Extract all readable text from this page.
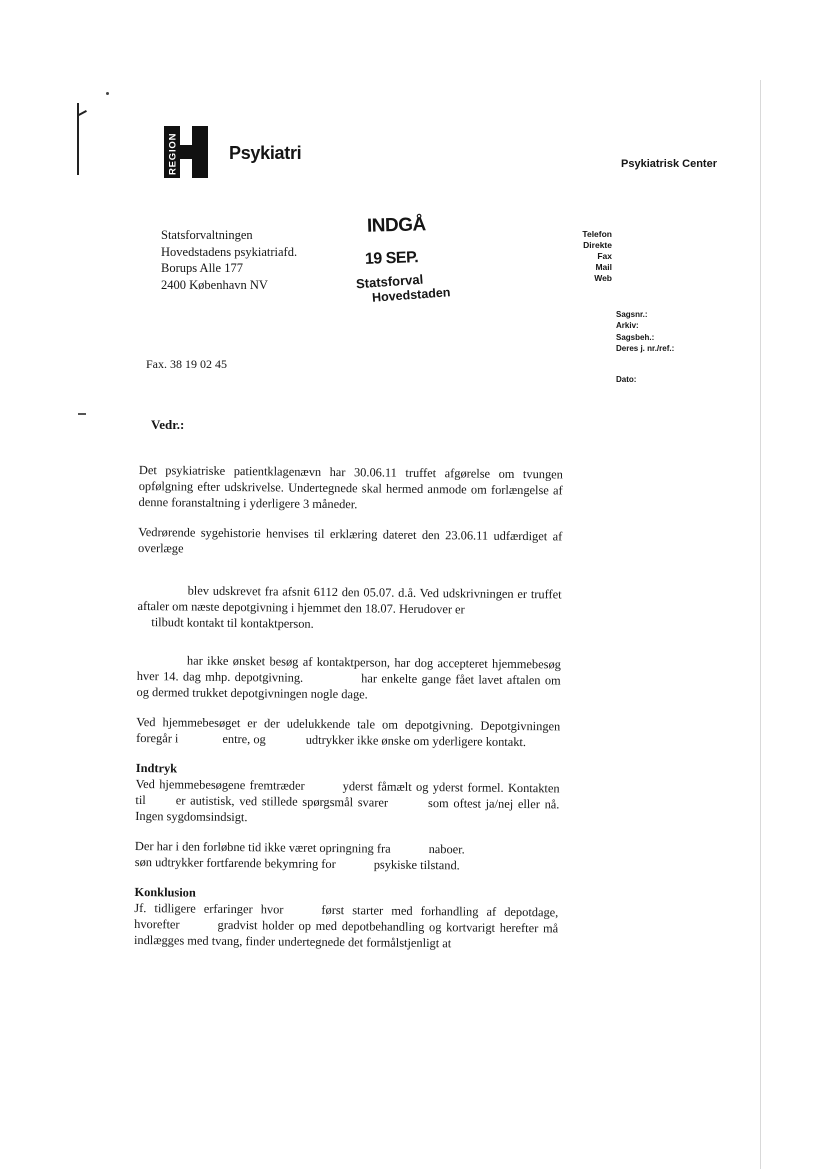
REGION	Psykiatri
Psykiatrisk Center
Statsforvaltningen
Hovedstadens psykiatriafd.
Borups Alle 177
2400 København NV
INDGÅ
19 SEP.
Statsforval
Hovedstaden
Telefon
Direkte
Fax
Mail
Web
Sagsnr.:
Arkiv:
Sagsbeh.:
Deres j. nr./ref.:
Dato:
Fax. 38 19 02 45
Vedr.:

Det psykiatriske patientklagenævn har 30.06.11 truffet afgørelse om tvungen opfølgning efter udskrivelse. Undertegnede skal hermed anmode om forlængelse af denne foranstaltning i yderligere 3 måneder.

Vedrørende sygehistorie henvises til erklæring dateret den 23.06.11 udfærdiget af overlæge

blev udskrevet fra afsnit 6112 den 05.07. d.å. Ved udskrivningen er truffet aftaler om næste depotgivning i hjemmet den 18.07. Herudover er
tilbudt kontakt til kontaktperson.

har ikke ønsket besøg af kontaktperson, har dog accepteret hjemmebesøg hver 14. dag mhp. depotgivning.	har enkelte gange fået lavet aftalen om og dermed trukket depotgivningen nogle dage.

Ved hjemmebesøget er der udelukkende tale om depotgivning. Depotgivningen foregår i	entre, og	udtrykker ikke ønske om yderligere kontakt.

Indtryk

Ved hjemmebesøgene fremtræder	yderst fåmælt og yderst formel. Kontakten til er autistisk, ved stillede spørgsmål svarer	som oftest ja/nej eller nå. Ingen sygdomsindsigt.

Der har i den forløbne tid ikke været opringning fra	naboer.
søn udtrykker fortfarende bekymring for	psykiske tilstand.

Konklusion

Jf. tidligere erfaringer hvor	først starter med forhandling af depotdage, hvorefter	gradvist holder op med depotbehandling og kortvarigt herefter må indlægges med tvang, finder undertegnede det formålstjenligt at
